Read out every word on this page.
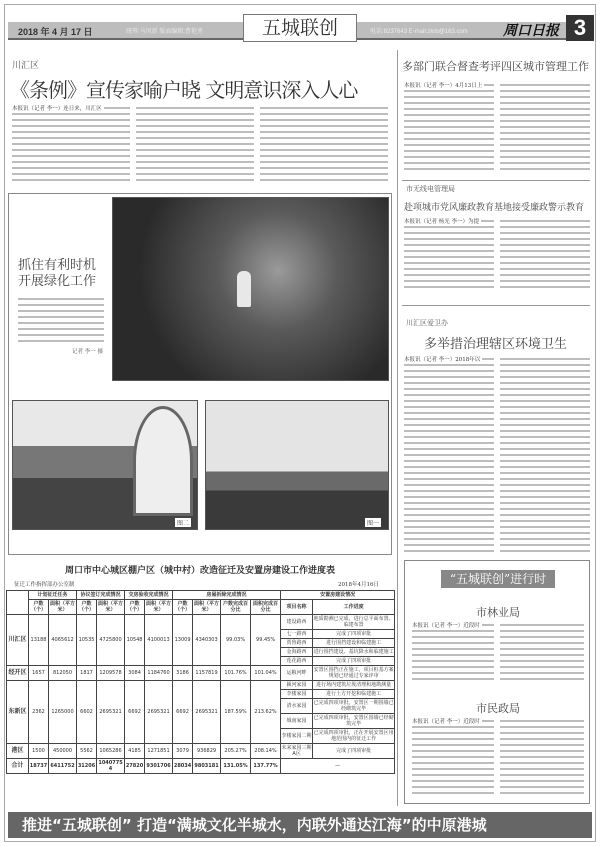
2018 年 4 月 17 日	统筹:马凤新 版面编辑:曹艳勇	电话:8237643 E-mail:zkrb@163.com
五城联创	周口日报 3
川汇区
《条例》宣传家喻户晓 文明意识深入人心
本报讯（记者 李一）连日来，川汇区
抓住有利时机
开展绿化工作
记者 李一 摄
图二	图一
多部门联合督查考评四区城市管理工作
本报讯（记者 李一）4月13日上
市无线电管理局
赴项城市党风廉政教育基地接受廉政警示教育
本报讯（记者 杨光 李一）为提
川汇区爱卫办
多举措治理辖区环境卫生
本报讯（记者 李一）2018年以
“五城联创”进行时
市林业局
本报讯（记者 李一）近段时
市民政局
本报讯（记者 李一）近段时
周口市中心城区棚户区（城中村）改造征迁及安置房建设工作进度表
征迁工作指挥部办公室制	2018年4月16日
	计划征迁任务		协议签订完成情况		交房验收完成情况		房屋拆除完成情况				安置房建设情况	
	户数（个）	面积（平方米）	户数（个）	面积（平方米）	户数（个）	面积（平方米）	户数（个）	面积（平方米）	户数完成百分比	面积完成百分比	项目名称	工作进度
川汇区	13188	4065612	10535	4725800	10548	4100013	13009	4340303	99.03%	99.45%	建设路西	地质勘测已完成，进行总平面布置、临建布置
											七一路西	完成了四项审批
											贾鲁路西	进行围挡建设和临建施工
											金海路西	进行围挡建设、基坑降水和临建施工
											莲花路西	完成了四项审批
经开区	1657	812050	1817	1209578	3084	1184760	3186	1157819	101.76%	101.04%	运粮河畔	安置区围挡正在施工，项目桩基方案规划已经通过专家评审
东新区	2362	1265000	6602	2695321	6692	2695321	6692	2695321	187.59%	213.62%	颍河家园	进行场内建筑垃圾清理和地勘测量
											李楼家园	进行土方开挖和临建施工
											清水家园	已完成四项审批，安置区一期围墙已经砌筑完毕
											城南家园	已完成四项审批，安置区围墙已经砌筑完毕
											李楼家园二期	已完成四项审批，正在开展安置区用地范围内的征迁工作
港区	1500	450000	5562	1065286	4185	1271851	3079	936829	205.27%	208.14%	未来家园三期A区	完成了四项审批
合计	18737	6411752	31206	10407754	27820	9301706	28034	9803181	131.05%	137.77%	—	
推进“五城联创” 打造“满城文化半城水，内联外通达江海”的中原港城
